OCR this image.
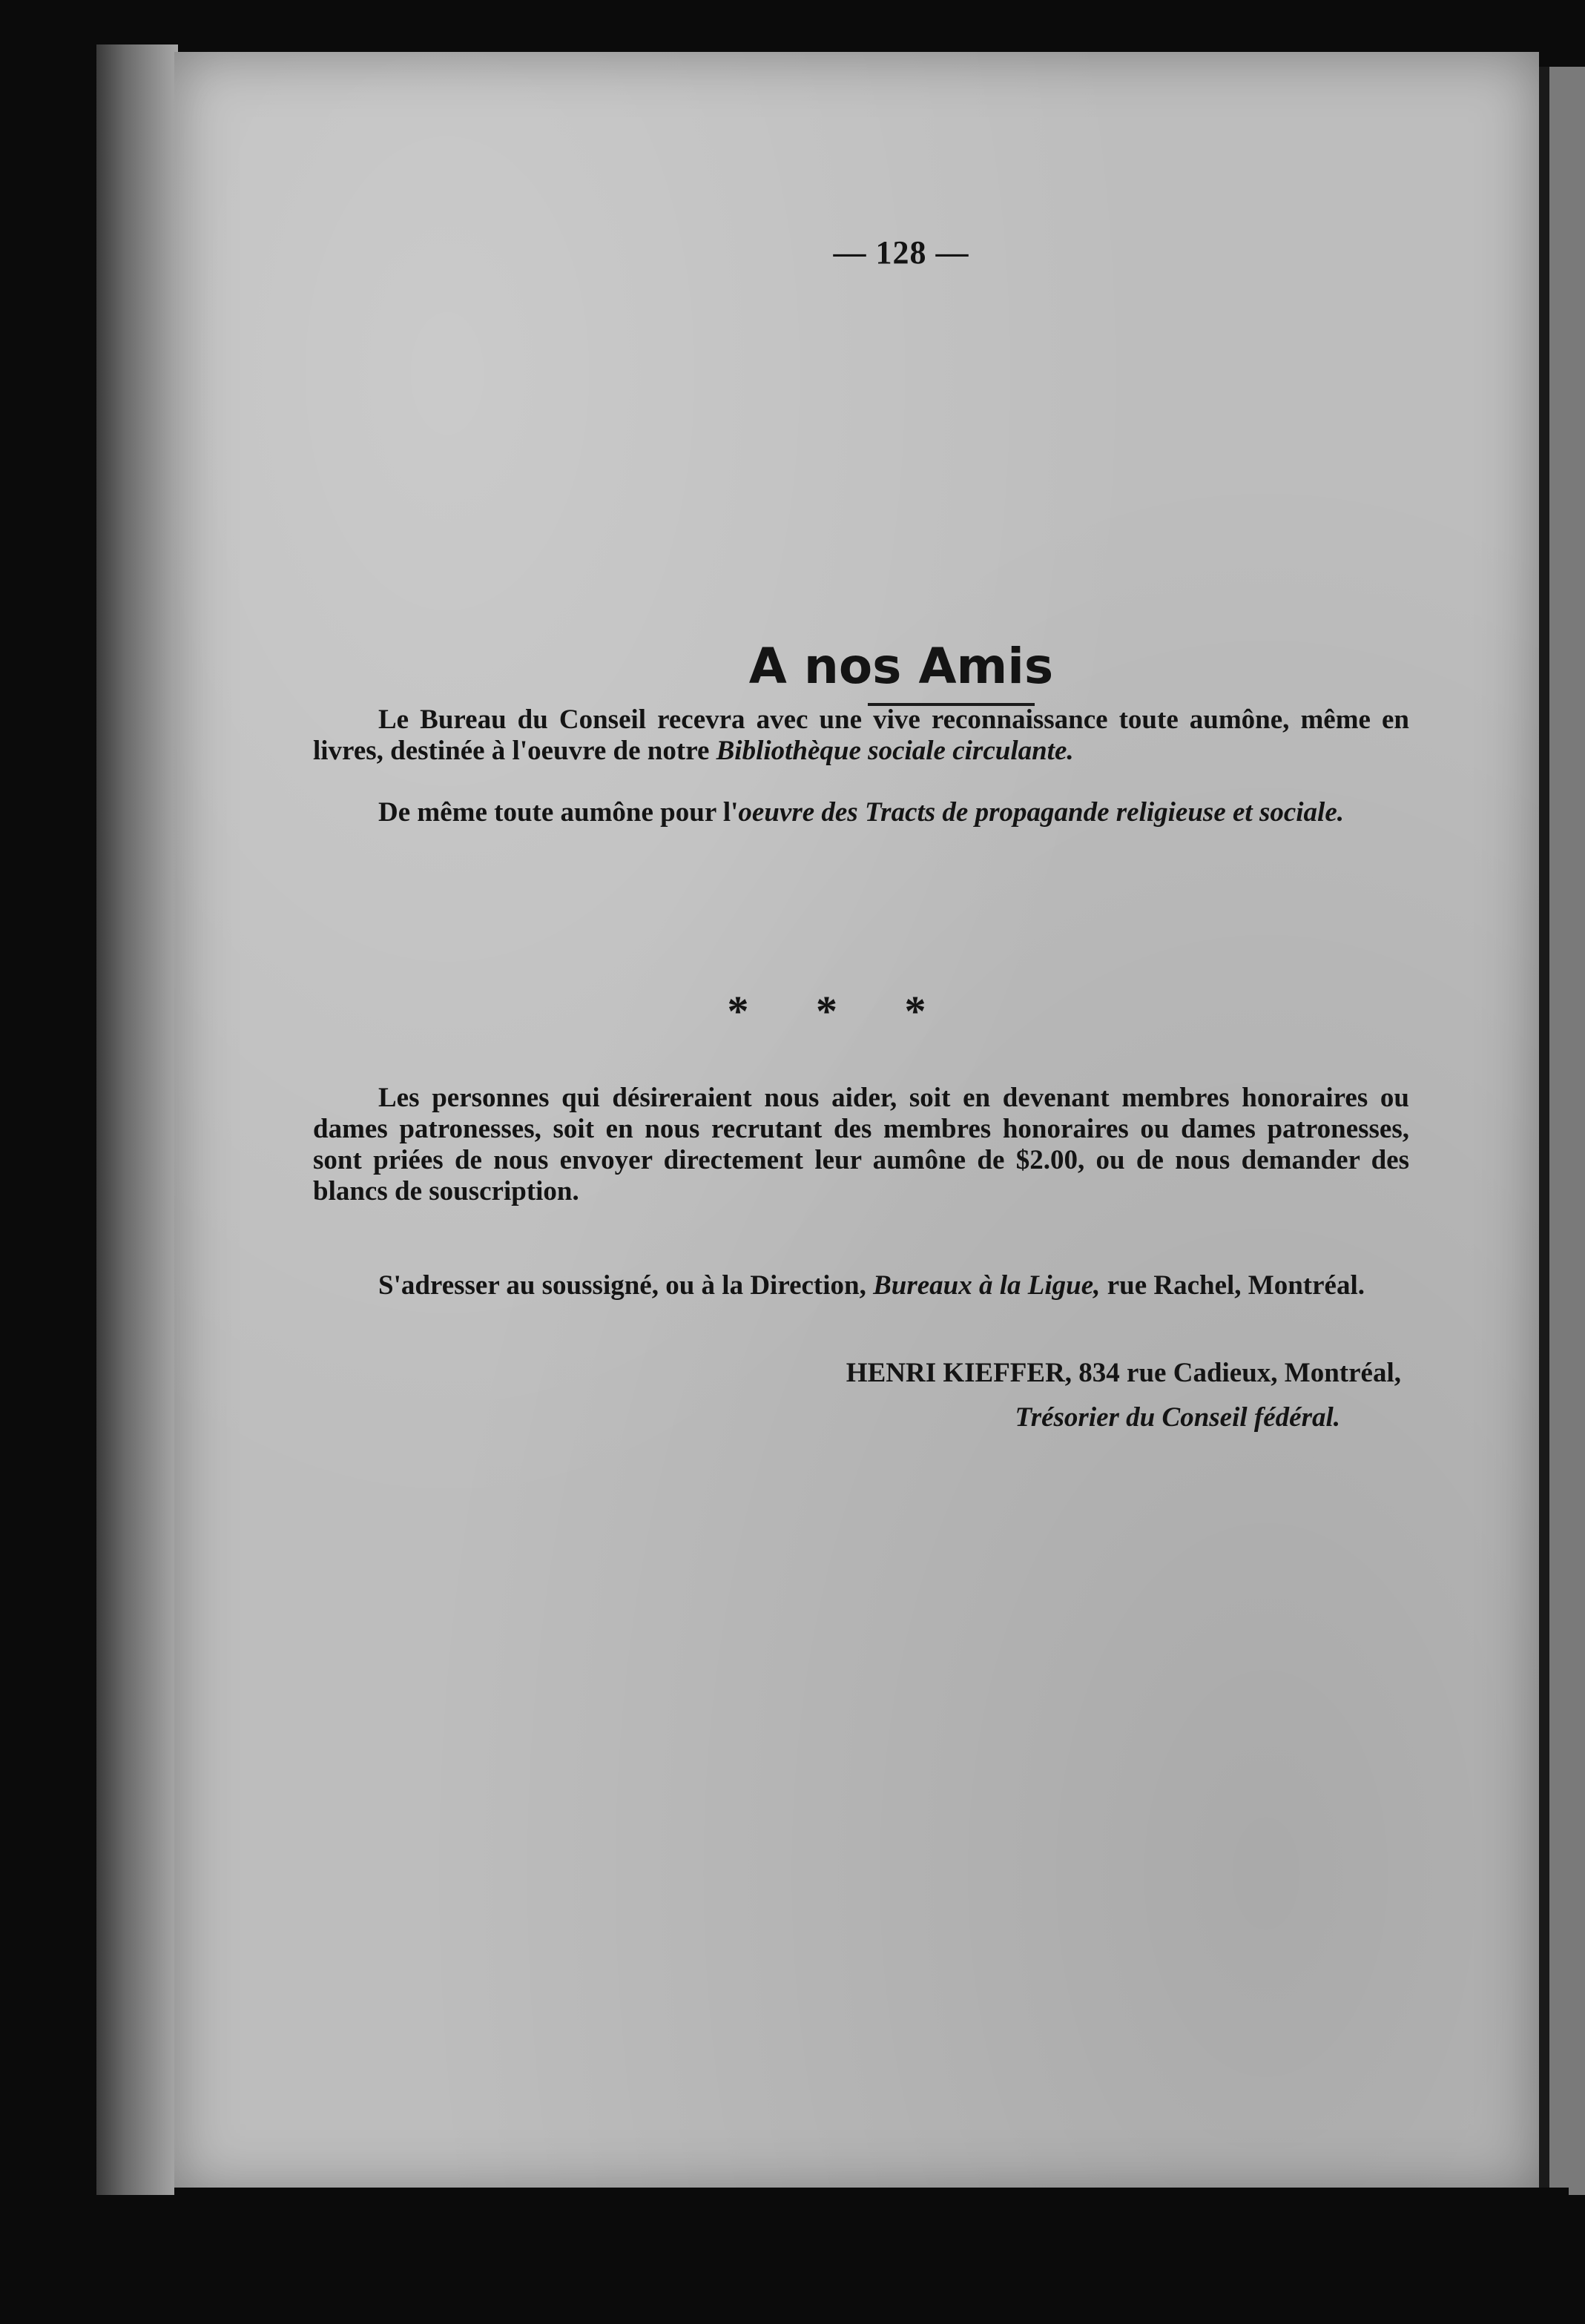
— 128 —
A nos Amis

Le Bureau du Conseil recevra avec une vive reconnaissance toute aumône, même en livres, destinée à l'oeuvre de notre Bibliothèque sociale circulante.

De même toute aumône pour l'oeuvre des Tracts de propagande religieuse et sociale.

* * *

Les personnes qui désireraient nous aider, soit en devenant membres honoraires ou dames patronesses, soit en nous recrutant des membres honoraires ou dames patronesses, sont priées de nous envoyer directement leur aumône de $2.00, ou de nous demander des blancs de souscription.

S'adresser au soussigné, ou à la Direction, Bureaux à la Ligue, rue Rachel, Montréal.

HENRI KIEFFER, 834 rue Cadieux, Montréal,
Trésorier du Conseil fédéral.
